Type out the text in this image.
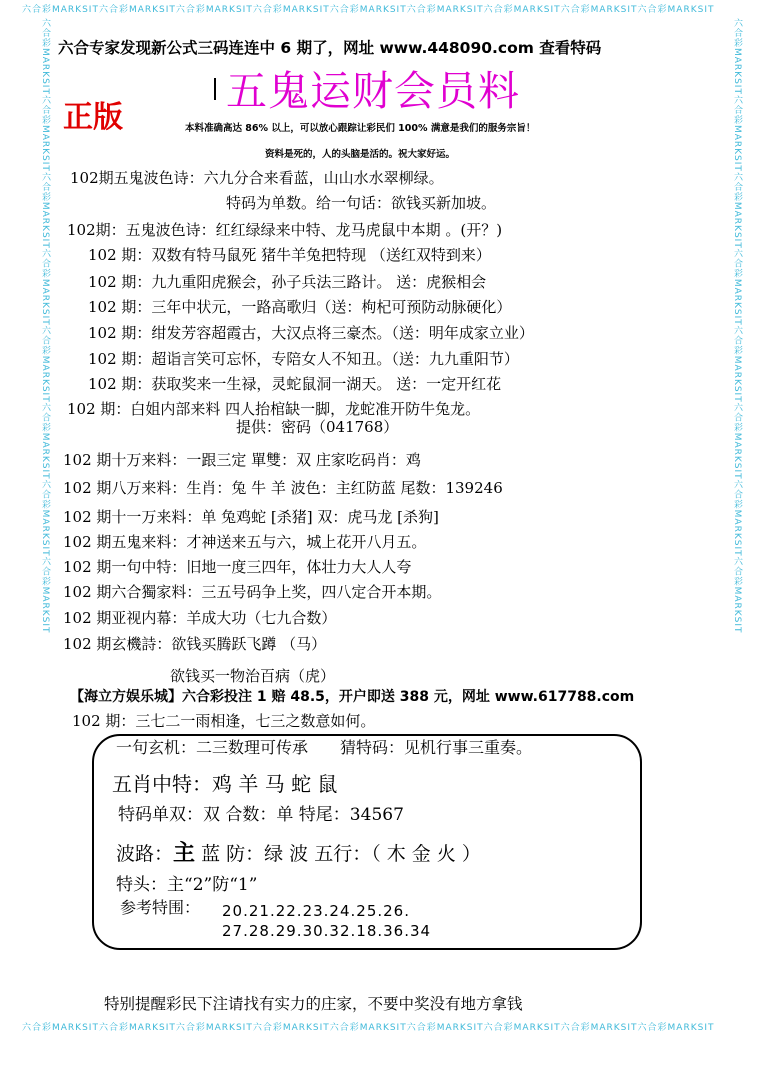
六合彩MARKSIT六合彩MARKSIT六合彩MARKSIT六合彩MARKSIT六合彩MARKSIT六合彩MARKSIT六合彩MARKSIT六合彩MARKSIT六合彩MARKSIT
六合彩MARKSIT六合彩MARKSIT六合彩MARKSIT六合彩MARKSIT六合彩MARKSIT六合彩MARKSIT六合彩MARKSIT六合彩MARKSIT六合彩MARKSIT
六合彩MARKSIT六合彩MARKSIT六合彩MARKSIT六合彩MARKSIT六合彩MARKSIT六合彩MARKSIT六合彩MARKSIT六合彩MARKSIT	六合彩MARKSIT六合彩MARKSIT六合彩MARKSIT六合彩MARKSIT六合彩MARKSIT六合彩MARKSIT六合彩MARKSIT六合彩MARKSIT
六合专家发现新公式三码连连中 6 期了，网址 www.448090.com 查看特码
五鬼运财会员料
正版	本料准确高达 86% 以上，可以放心跟踪让彩民们 100% 满意是我们的服务宗旨！
资料是死的，人的头脑是活的。祝大家好运。
102期五鬼波色诗：六九分合来看蓝，山山水水翠柳绿。
特码为单数。给一句话：欲钱买新加坡。
102期：五鬼波色诗：红红绿绿来中特、龙马虎鼠中本期 。(开？)
102 期：双数有特马鼠死 猪牛羊兔把特现 （送红双特到来）
102 期：九九重阳虎猴会，孙子兵法三路计。 送：虎猴相会
102 期：三年中状元，一路高歌归（送：枸杞可预防动脉硬化）
102 期：绀发芳容超霞古，大汉点将三豪杰。（送：明年成家立业）
102 期：超诣言笑可忘怀，专陪女人不知丑。（送：九九重阳节）
102 期：获取奖来一生禄，灵蛇鼠洞一湖天。 送：一定开红花
102 期：白姐内部来料 四人抬棺缺一脚，龙蛇准开防牛兔龙。
提供：密码（041768）
102 期十万来料：一跟三定 單雙：双 庄家吃码肖：鸡
102 期八万来料：生肖：兔 牛 羊 波色：主红防蓝 尾数：139246
102 期十一万来料：单 兔鸡蛇 [杀猪] 双：虎马龙 [杀狗]
102 期五鬼来料：才神送来五与六，城上花开八月五。
102 期一句中特：旧地一度三四年，体壮力大人人夸
102 期六合獨家料：三五号码争上奖，四八定合开本期。
102 期亚视内幕：羊成大功（七九合数）
102 期玄機詩：欲钱买腾跃飞蹲 （马）
欲钱买一物治百病（虎）
【海立方娱乐城】六合彩投注 1 赔 48.5，开户即送 388 元，网址 www.617788.com
102 期：三七二一雨相逢，七三之数意如何。
一句玄机：二三数理可传承 猜特码：见机行事三重奏。
五肖中特：鸡 羊 马 蛇 鼠
特码单双：双 合数：单 特尾：34567
波路：主 蓝 防：绿 波 五行：（ 木 金 火 ）
特头：主“2”防“1”
参考特围： 20.21.22.23.24.25.26.
27.28.29.30.32.18.36.34
特别提醒彩民下注请找有实力的庄家，不要中奖没有地方拿钱
